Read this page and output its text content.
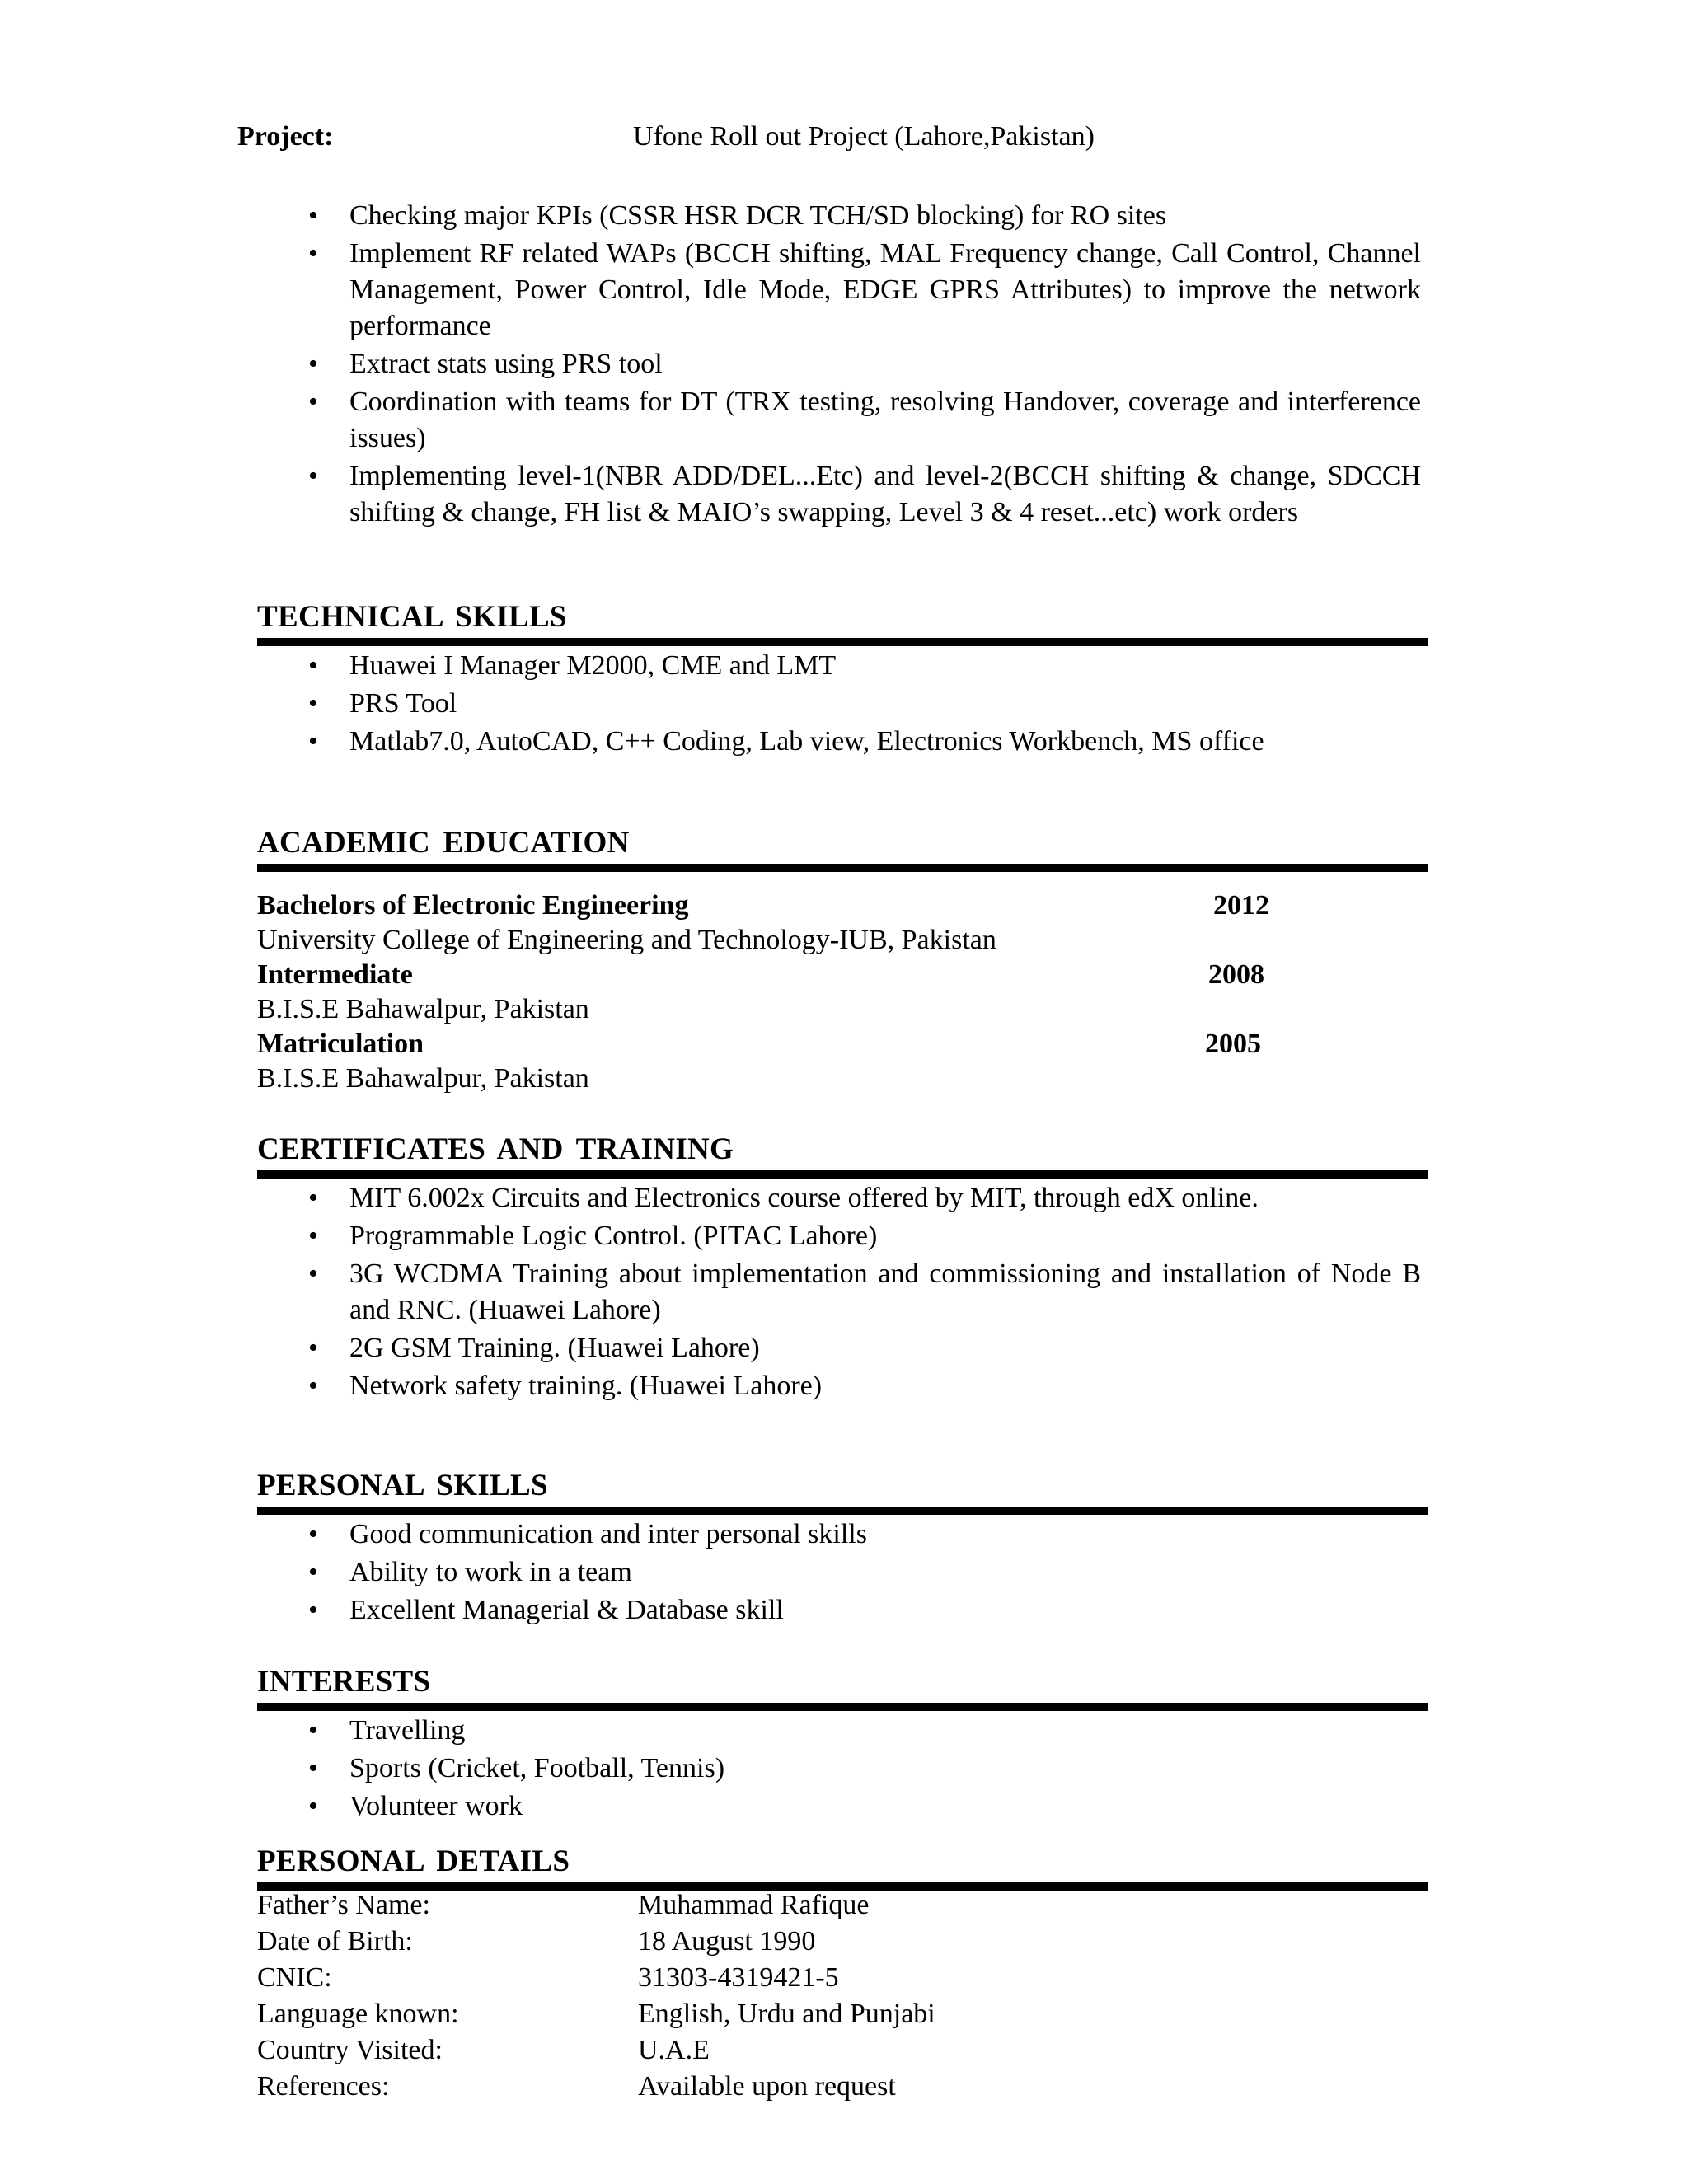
Project:	Ufone Roll out Project (Lahore,Pakistan)
• Checking major KPIs (CSSR HSR DCR TCH/SD blocking) for RO sites
• Implement RF related WAPs (BCCH shifting, MAL Frequency change, Call Control, Channel Management, Power Control, Idle Mode, EDGE GPRS Attributes) to improve the network performance
• Extract stats using PRS tool
• Coordination with teams for DT (TRX testing, resolving Handover, coverage and interference issues)
• Implementing level-1(NBR ADD/DEL...Etc) and level-2(BCCH shifting & change, SDCCH shifting & change, FH list & MAIO’s swapping, Level 3 & 4 reset...etc) work orders
TECHNICAL SKILLS
• Huawei I Manager M2000, CME and LMT
• PRS Tool
• Matlab7.0, AutoCAD, C++ Coding, Lab view, Electronics Workbench, MS office
ACADEMIC EDUCATION
Bachelors of Electronic Engineering	2012
University College of Engineering and Technology-IUB, Pakistan
Intermediate	2008
B.I.S.E Bahawalpur, Pakistan
Matriculation	2005
B.I.S.E Bahawalpur, Pakistan
CERTIFICATES AND TRAINING
• MIT 6.002x Circuits and Electronics course offered by MIT, through edX online.
• Programmable Logic Control. (PITAC Lahore)
• 3G WCDMA Training about implementation and commissioning and installation of Node B and RNC. (Huawei Lahore)
• 2G GSM Training. (Huawei Lahore)
• Network safety training. (Huawei Lahore)
PERSONAL SKILLS
• Good communication and inter personal skills
• Ability to work in a team
• Excellent Managerial & Database skill
INTERESTS
• Travelling
• Sports (Cricket, Football, Tennis)
• Volunteer work
PERSONAL DETAILS
Father’s Name:	Muhammad Rafique
Date of Birth:	18 August 1990
CNIC:	31303-4319421-5
Language known:	English, Urdu and Punjabi
Country Visited:	U.A.E
References:	Available upon request
